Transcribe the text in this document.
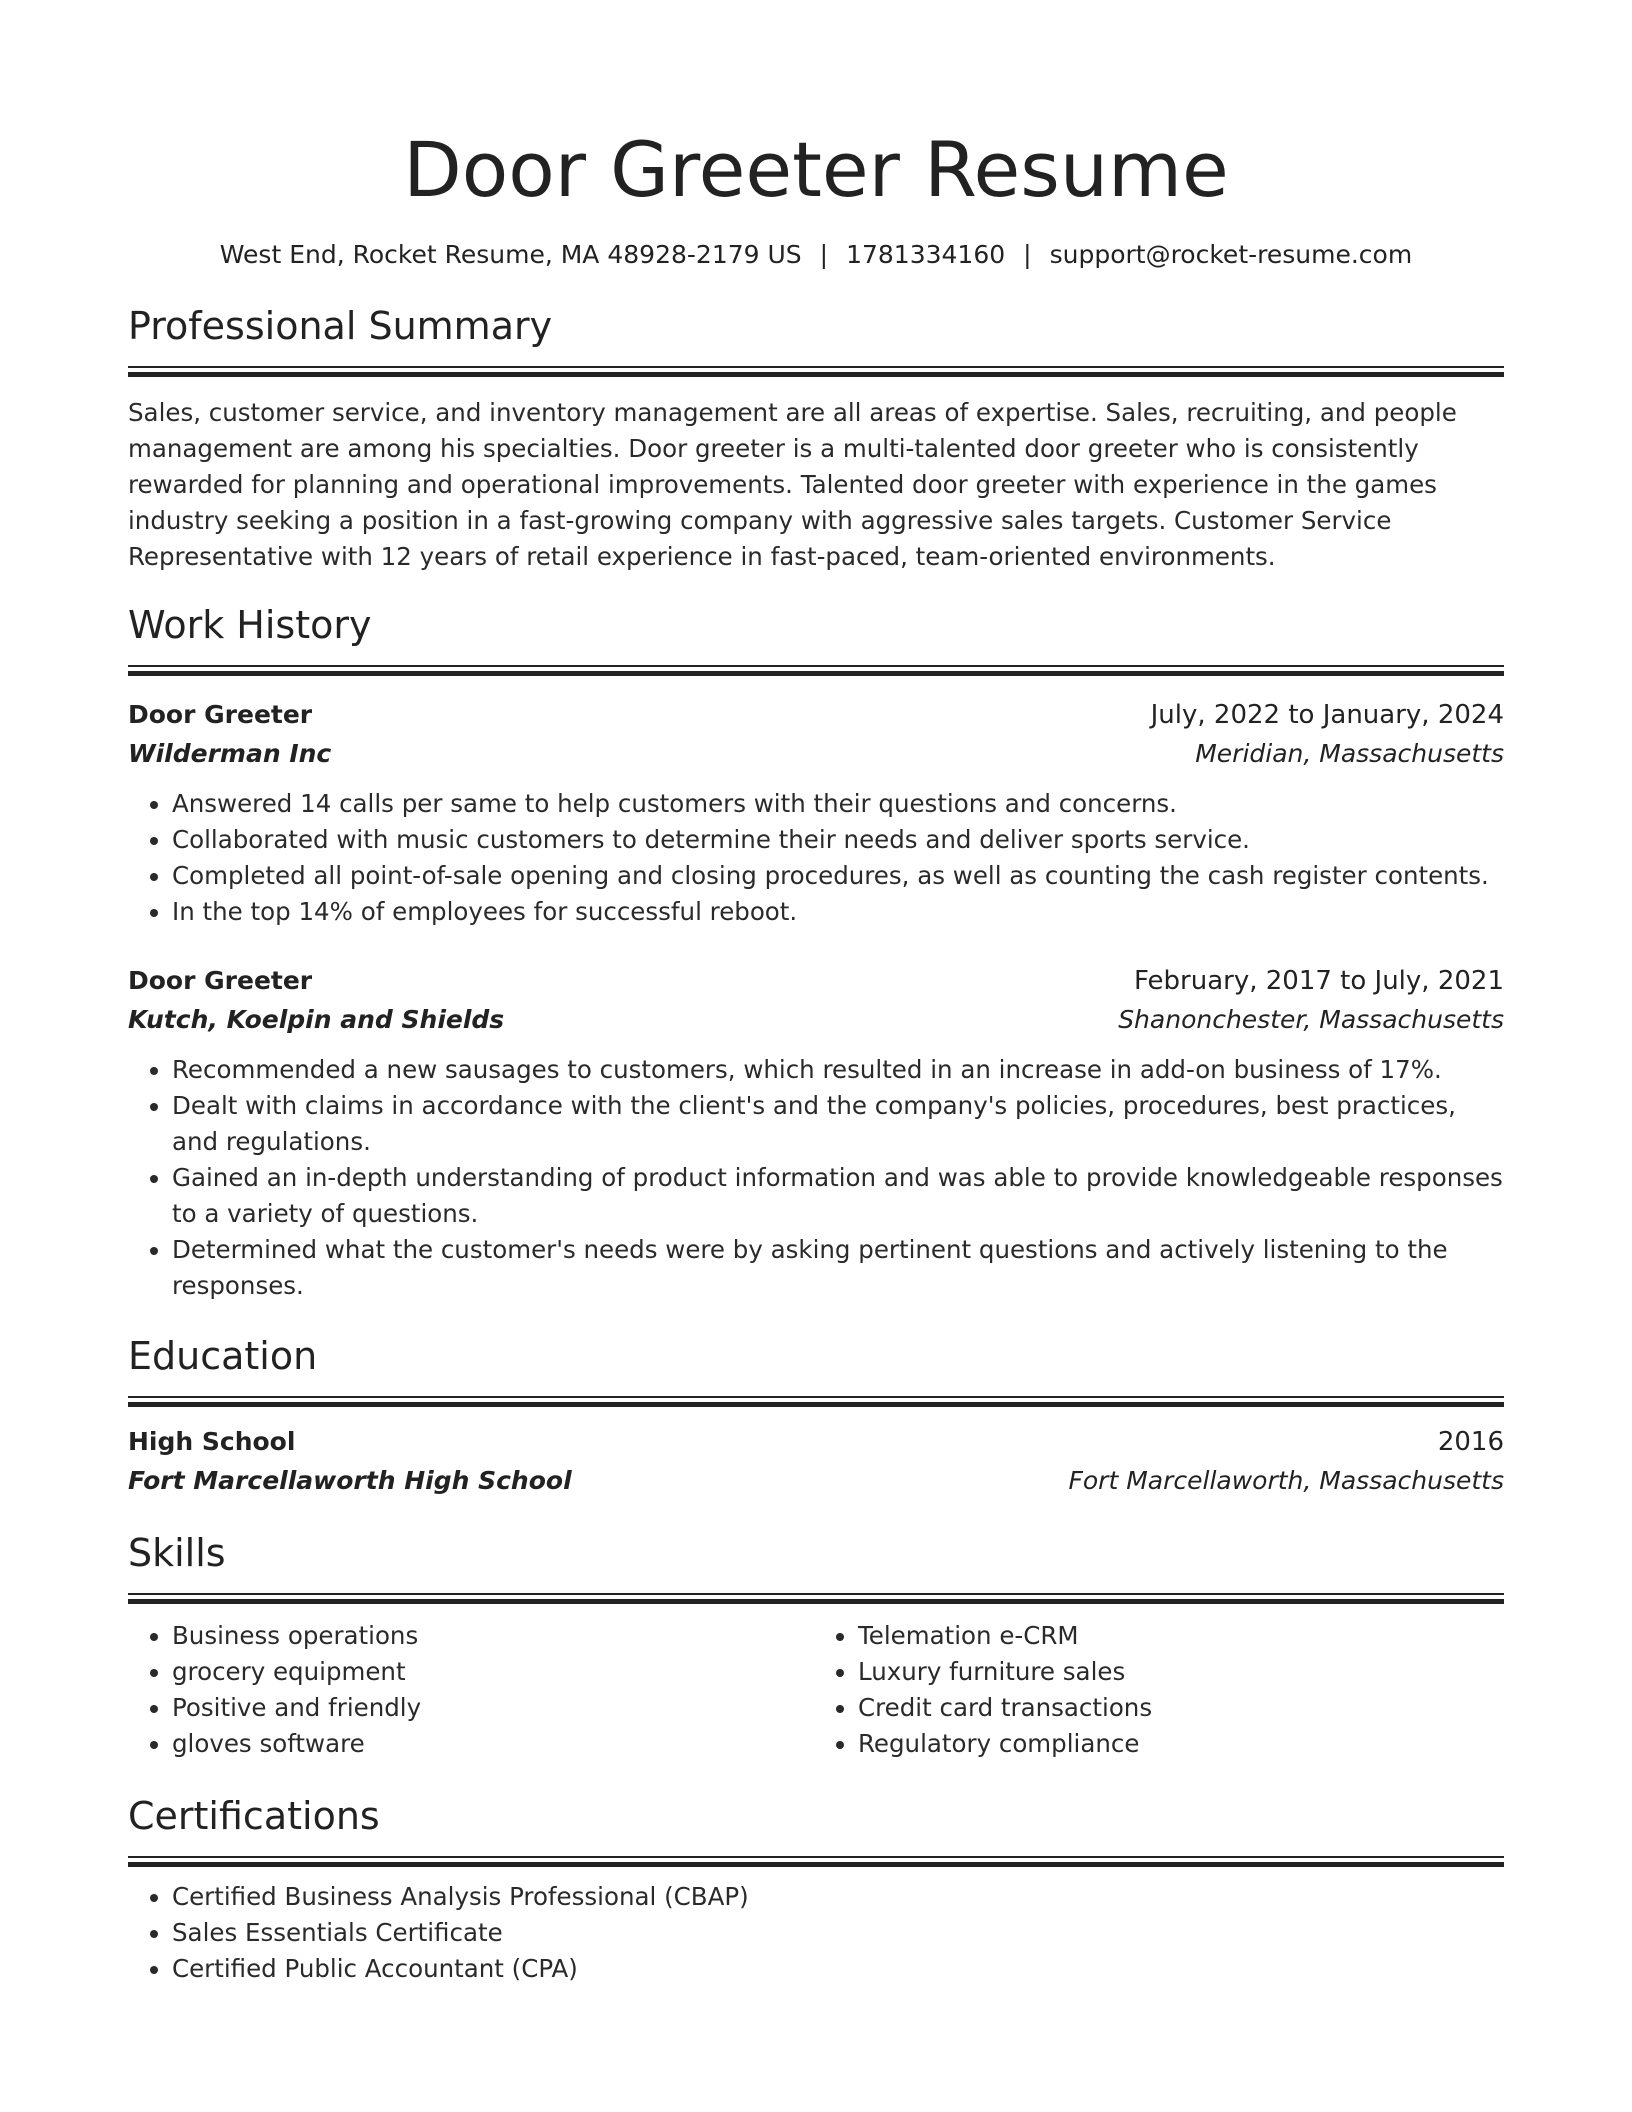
Door Greeter Resume
West End, Rocket Resume, MA 48928-2179 US | 1781334160 | support@rocket-resume.com
Professional Summary

Sales, customer service, and inventory management are all areas of expertise. Sales, recruiting, and people management are among his specialties. Door greeter is a multi-talented door greeter who is consistently rewarded for planning and operational improvements. Talented door greeter with experience in the games industry seeking a position in a fast-growing company with aggressive sales targets. Customer Service Representative with 12 years of retail experience in fast-paced, team-oriented environments.

Work History
Door Greeter	July, 2022 to January, 2024
Wilderman Inc	Meridian, Massachusetts
• Answered 14 calls per same to help customers with their questions and concerns.
• Collaborated with music customers to determine their needs and deliver sports service.
• Completed all point-of-sale opening and closing procedures, as well as counting the cash register contents.
• In the top 14% of employees for successful reboot.
Door Greeter	February, 2017 to July, 2021
Kutch, Koelpin and Shields	Shanonchester, Massachusetts
• Recommended a new sausages to customers, which resulted in an increase in add-on business of 17%.
• Dealt with claims in accordance with the client's and the company's policies, procedures, best practices, and regulations.
• Gained an in-depth understanding of product information and was able to provide knowledgeable responses to a variety of questions.
• Determined what the customer's needs were by asking pertinent questions and actively listening to the responses.
Education
High School	2016
Fort Marcellaworth High School	Fort Marcellaworth, Massachusetts
Skills
• Business operations
• grocery equipment
• Positive and friendly
• gloves software
• Telemation e-CRM
• Luxury furniture sales
• Credit card transactions
• Regulatory compliance
Certifications
• Certified Business Analysis Professional (CBAP)
• Sales Essentials Certificate
• Certified Public Accountant (CPA)
